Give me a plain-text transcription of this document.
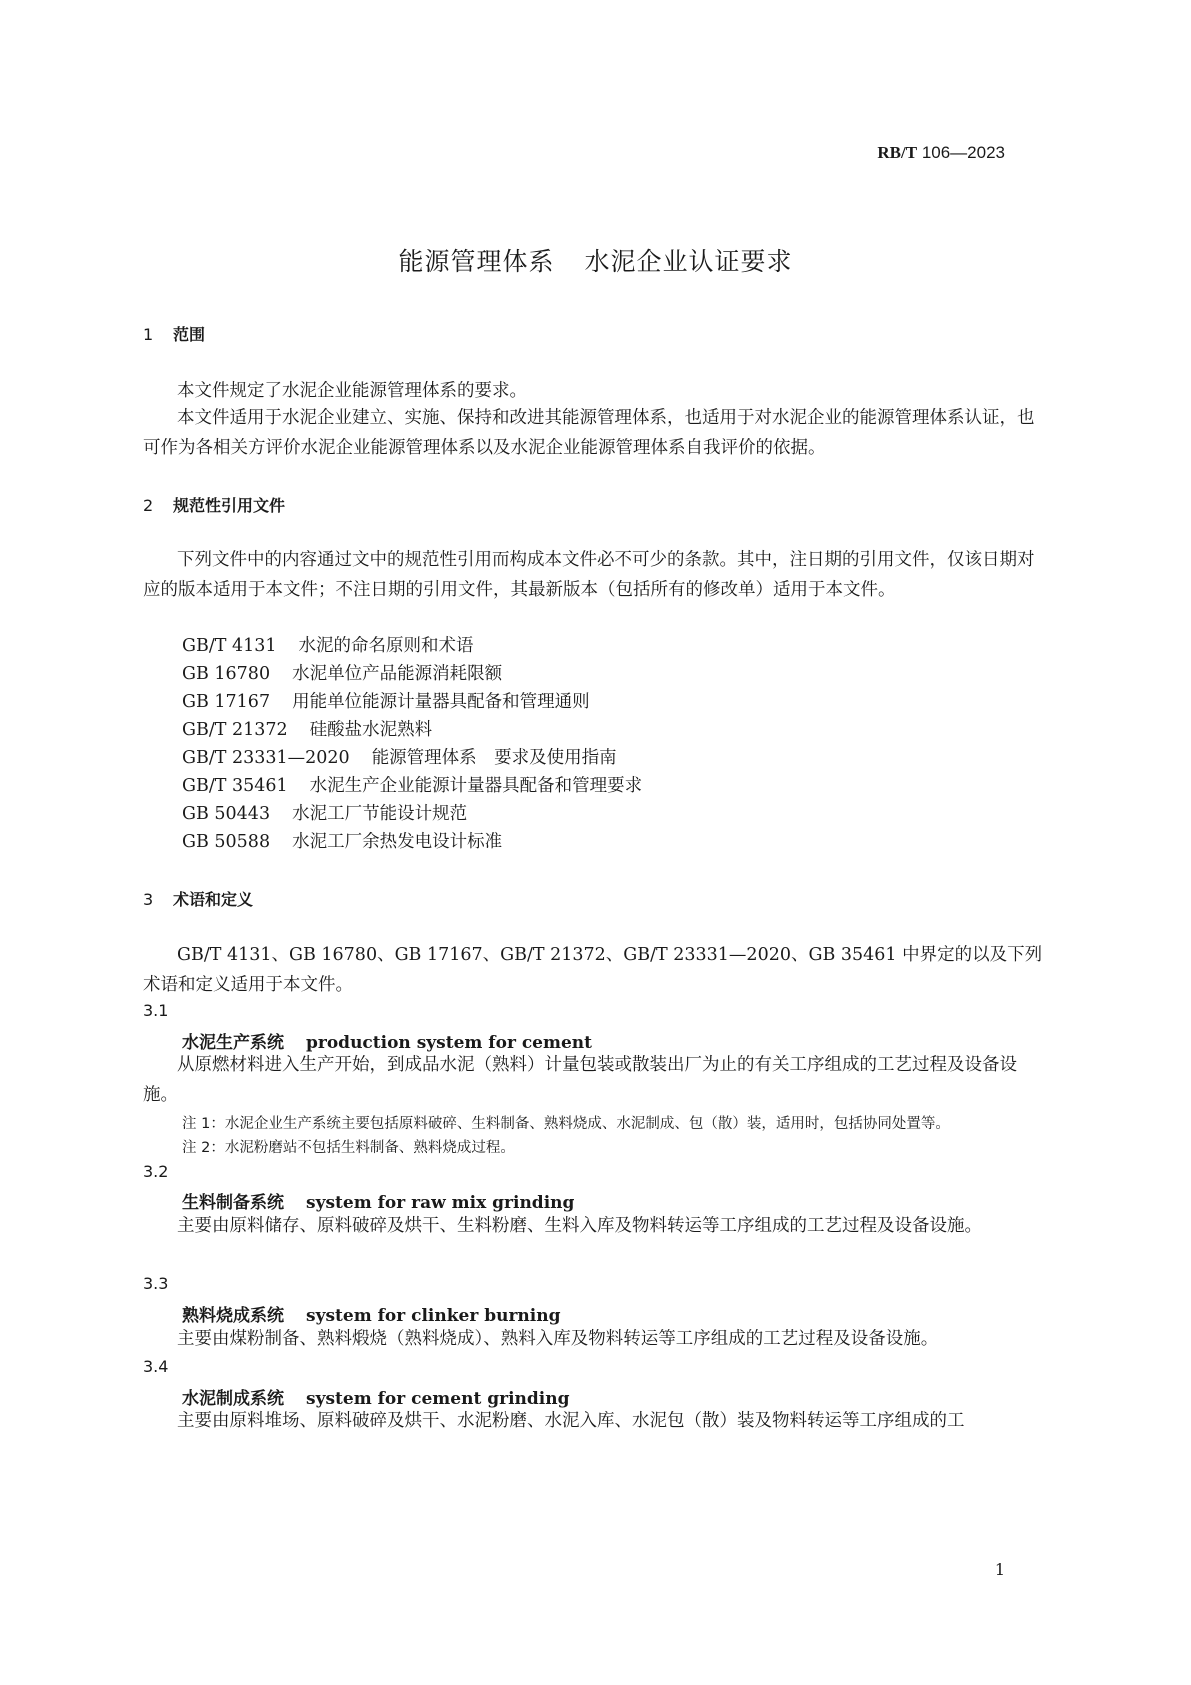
RB/T 106—2023
能源管理体系 水泥企业认证要求
1 范围
本文件规定了水泥企业能源管理体系的要求。
本文件适用于水泥企业建立、实施、保持和改进其能源管理体系，也适用于对水泥企业的能源管理体系认证，也可作为各相关方评价水泥企业能源管理体系以及水泥企业能源管理体系自我评价的依据。
2 规范性引用文件
下列文件中的内容通过文中的规范性引用而构成本文件必不可少的条款。其中，注日期的引用文件，仅该日期对应的版本适用于本文件；不注日期的引用文件，其最新版本（包括所有的修改单）适用于本文件。
GB/T 4131 水泥的命名原则和术语
GB 16780 水泥单位产品能源消耗限额
GB 17167 用能单位能源计量器具配备和管理通则
GB/T 21372 硅酸盐水泥熟料
GB/T 23331—2020 能源管理体系　要求及使用指南
GB/T 35461 水泥生产企业能源计量器具配备和管理要求
GB 50443 水泥工厂节能设计规范
GB 50588 水泥工厂余热发电设计标准
3 术语和定义
GB/T 4131、GB 16780、GB 17167、GB/T 21372、GB/T 23331—2020、GB 35461 中界定的以及下列术语和定义适用于本文件。
3.1
水泥生产系统 production system for cement
从原燃材料进入生产开始，到成品水泥（熟料）计量包装或散装出厂为止的有关工序组成的工艺过程及设备设施。
注 1：水泥企业生产系统主要包括原料破碎、生料制备、熟料烧成、水泥制成、包（散）装，适用时，包括协同处置等。
注 2：水泥粉磨站不包括生料制备、熟料烧成过程。
3.2
生料制备系统 system for raw mix grinding
主要由原料储存、原料破碎及烘干、生料粉磨、生料入库及物料转运等工序组成的工艺过程及设备设施。
3.3
熟料烧成系统 system for clinker burning
主要由煤粉制备、熟料煅烧（熟料烧成）、熟料入库及物料转运等工序组成的工艺过程及设备设施。
3.4
水泥制成系统 system for cement grinding
主要由原料堆场、原料破碎及烘干、水泥粉磨、水泥入库、水泥包（散）装及物料转运等工序组成的工
1
